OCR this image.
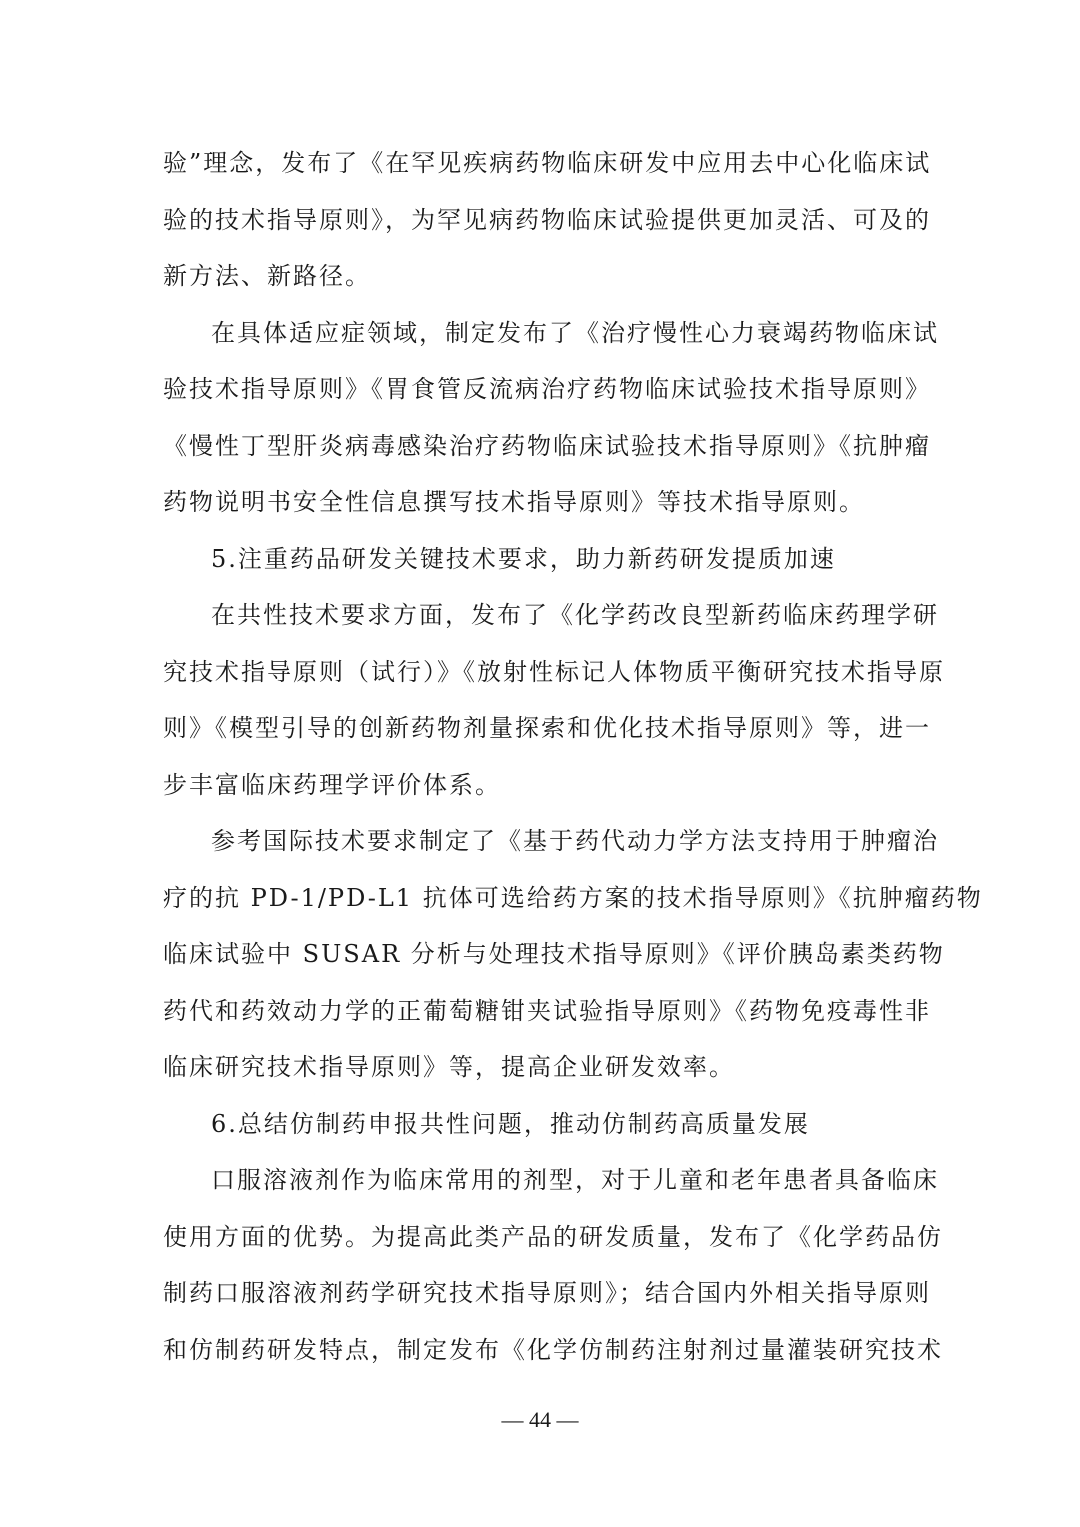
验”理念，发布了《在罕见疾病药物临床研发中应用去中心化临床试
验的技术指导原则》，为罕见病药物临床试验提供更加灵活、可及的
新方法、新路径。
在具体适应症领域，制定发布了《治疗慢性心力衰竭药物临床试
验技术指导原则》《胃食管反流病治疗药物临床试验技术指导原则》
《慢性丁型肝炎病毒感染治疗药物临床试验技术指导原则》《抗肿瘤
药物说明书安全性信息撰写技术指导原则》等技术指导原则。
5.注重药品研发关键技术要求，助力新药研发提质加速
在共性技术要求方面，发布了《化学药改良型新药临床药理学研
究技术指导原则（试行）》《放射性标记人体物质平衡研究技术指导原
则》《模型引导的创新药物剂量探索和优化技术指导原则》等，进一
步丰富临床药理学评价体系。
参考国际技术要求制定了《基于药代动力学方法支持用于肿瘤治
疗的抗 PD-1/PD-L1 抗体可选给药方案的技术指导原则》《抗肿瘤药物
临床试验中 SUSAR 分析与处理技术指导原则》《评价胰岛素类药物
药代和药效动力学的正葡萄糖钳夹试验指导原则》《药物免疫毒性非
临床研究技术指导原则》等，提高企业研发效率。
6.总结仿制药申报共性问题，推动仿制药高质量发展
口服溶液剂作为临床常用的剂型，对于儿童和老年患者具备临床
使用方面的优势。为提高此类产品的研发质量，发布了《化学药品仿
制药口服溶液剂药学研究技术指导原则》；结合国内外相关指导原则
和仿制药研发特点，制定发布《化学仿制药注射剂过量灌装研究技术
— 44 —
